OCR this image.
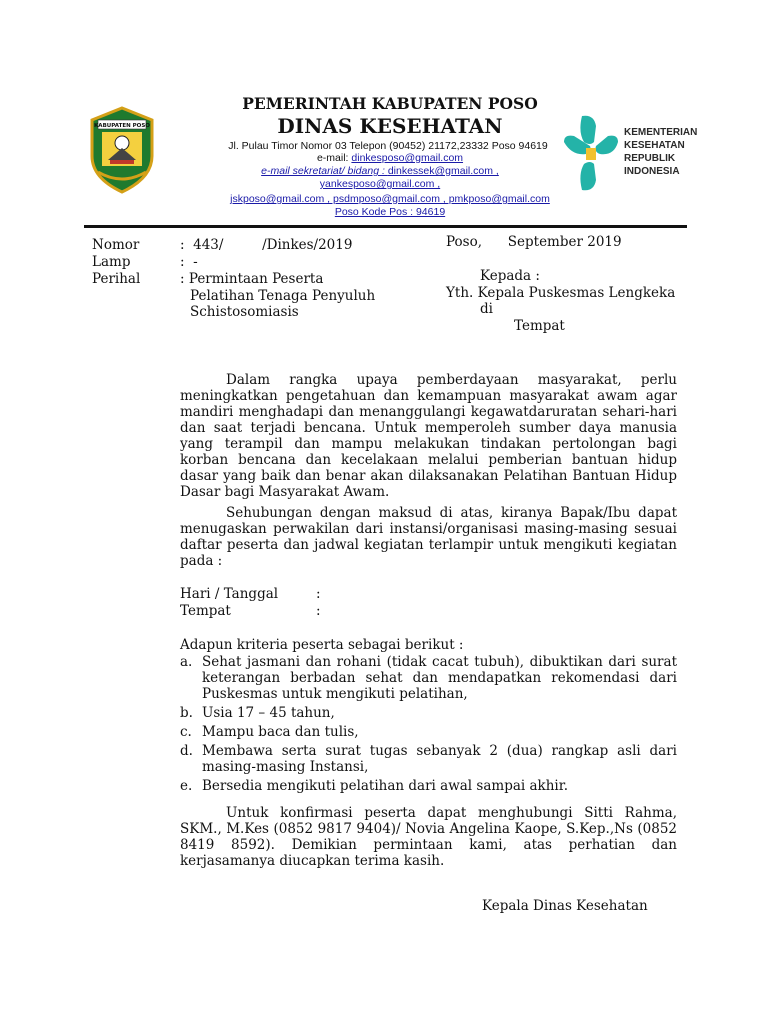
KABUPATEN POSO
KEMENTERIAN
KESEHATAN
REPUBLIK
INDONESIA
PEMERINTAH KABUPATEN POSO
DINAS KESEHATAN
Jl. Pulau Timor Nomor 03 Telepon (90452) 21172,23332 Poso 94619
e-mail: dinkesposo@gmail.com
e-mail sekretariat/ bidang : dinkessek@gmail.com , yankesposo@gmail.com ,
jskposo@gmail.com , psdmposo@gmail.com , pmkposo@gmail.com
Poso Kode Pos : 94619
Nomor	:  443/         /Dinkes/2019
Lamp	:  -
Perihal	: Permintaan Peserta
Pelatihan Tenaga Penyuluh
Schistosomiasis
Poso,      September 2019
Kepada :
Yth. Kepala Puskesmas Lengkeka
di
Tempat
Dalam rangka upaya pemberdayaan masyarakat, perlu meningkatkan pengetahuan dan kemampuan masyarakat awam agar mandiri menghadapi dan menanggulangi kegawatdaruratan sehari-hari dan saat terjadi bencana. Untuk memperoleh sumber daya manusia yang terampil dan mampu melakukan tindakan pertolongan bagi korban bencana dan kecelakaan melalui pemberian bantuan hidup dasar yang baik dan benar akan dilaksanakan Pelatihan Bantuan Hidup Dasar bagi Masyarakat Awam.
Sehubungan dengan maksud di atas, kiranya Bapak/Ibu dapat menugaskan perwakilan dari instansi/organisasi masing-masing sesuai daftar peserta dan jadwal kegiatan terlampir untuk mengikuti kegiatan pada :
Hari / Tanggal	:
Tempat	:
Adapun kriteria peserta sebagai berikut :
a. Sehat jasmani dan rohani (tidak cacat tubuh), dibuktikan dari surat keterangan berbadan sehat dan mendapatkan rekomendasi dari Puskesmas untuk mengikuti pelatihan,
b. Usia 17 – 45 tahun,
c. Mampu baca dan tulis,
d. Membawa serta surat tugas sebanyak 2 (dua) rangkap asli dari masing-masing Instansi,
e. Bersedia mengikuti pelatihan dari awal sampai akhir.
Untuk konfirmasi peserta dapat menghubungi Sitti Rahma, SKM., M.Kes (0852 9817 9404)/ Novia Angelina Kaope, S.Kep.,Ns (0852 8419 8592). Demikian permintaan kami, atas perhatian dan kerjasamanya diucapkan terima kasih.
Kepala Dinas Kesehatan
